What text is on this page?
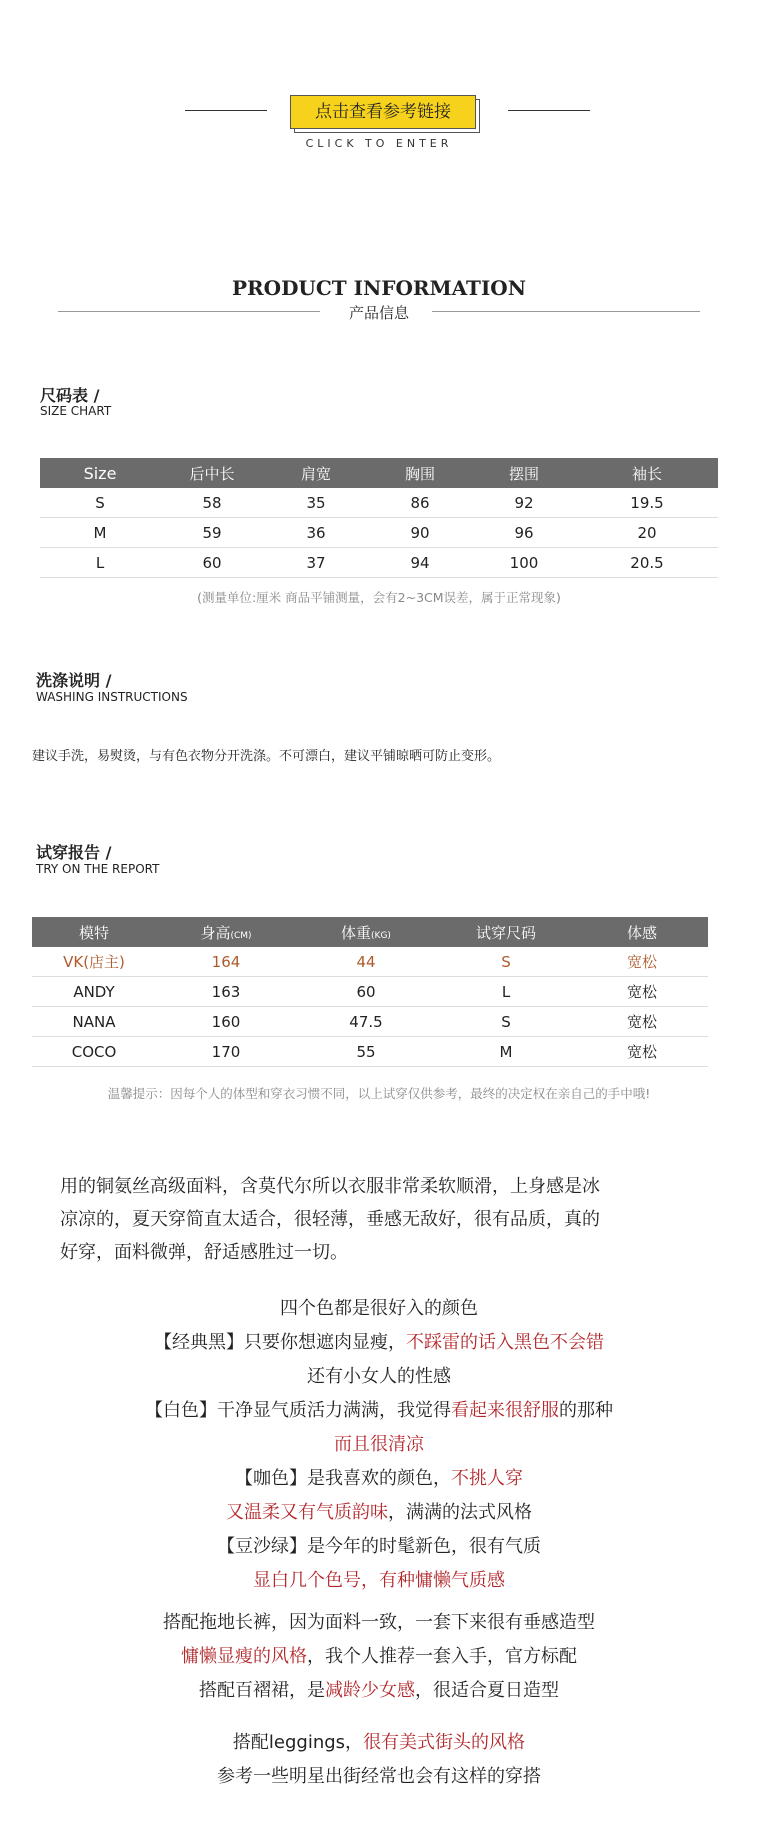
点击查看参考链接
CLICK TO ENTER
PRODUCT INFORMATION
产品信息
尺码表 /
SIZE CHART
Size	后中长	肩宽	胸围	摆围	袖长
S	58	35	86	92	19.5
M	59	36	90	96	20
L	60	37	94	100	20.5
(测量单位:厘米 商品平铺测量，会有2~3CM误差，属于正常现象)
洗涤说明 /
WASHING INSTRUCTIONS
建议手洗，易熨烫，与有色衣物分开洗涤。不可漂白，建议平铺晾晒可防止变形。
试穿报告 /
TRY ON THE REPORT
模特	身高(CM)	体重(KG)	试穿尺码	体感
VK(店主)	164	44	S	宽松
ANDY	163	60	L	宽松
NANA	160	47.5	S	宽松
COCO	170	55	M	宽松
温馨提示：因每个人的体型和穿衣习惯不同，以上试穿仅供参考，最终的决定权在亲自己的手中哦!
用的铜氨丝高级面料，含莫代尔所以衣服非常柔软顺滑，上身感是冰
凉凉的，夏天穿简直太适合，很轻薄，垂感无敌好，很有品质，真的
好穿，面料微弹，舒适感胜过一切。
四个色都是很好入的颜色
【经典黑】只要你想遮肉显瘦，不踩雷的话入黑色不会错
还有小女人的性感
【白色】干净显气质活力满满，我觉得看起来很舒服的那种
而且很清凉
【咖色】是我喜欢的颜色，不挑人穿
又温柔又有气质韵味，满满的法式风格
【豆沙绿】是今年的时髦新色，很有气质
显白几个色号，有种慵懒气质感
搭配拖地长裤，因为面料一致，一套下来很有垂感造型
慵懒显瘦的风格，我个人推荐一套入手，官方标配
搭配百褶裙，是减龄少女感，很适合夏日造型
搭配leggings，很有美式街头的风格
参考一些明星出街经常也会有这样的穿搭
